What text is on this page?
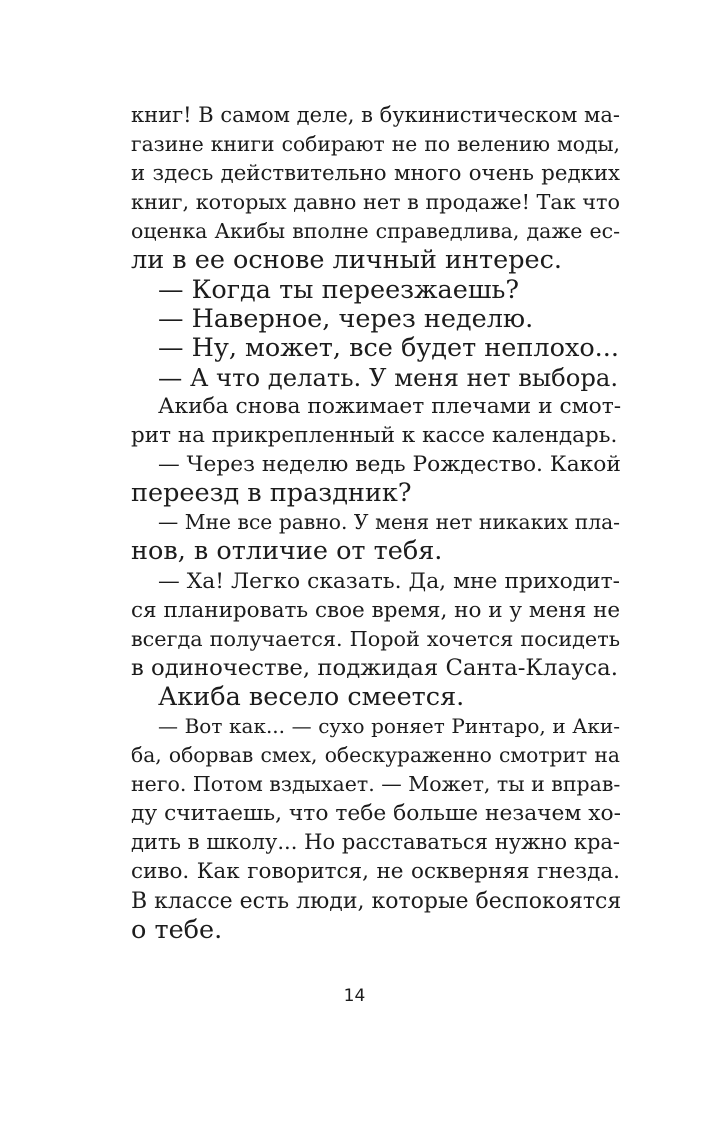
книг! В самом деле, в букинистическом ма-
газине книги собирают не по велению моды,
и здесь действительно много очень редких
книг, которых давно нет в продаже! Так что
оценка Акибы вполне справедлива, даже ес-
ли в ее основе личный интерес.
— Когда ты переезжаешь?
— Наверное, через неделю.
— Ну, может, все будет неплохо...
— А что делать. У меня нет выбора.
Акиба снова пожимает плечами и смот-
рит на прикрепленный к кассе календарь.
— Через неделю ведь Рождество. Какой
переезд в праздник?
— Мне все равно. У меня нет никаких пла-
нов, в отличие от тебя.
— Ха! Легко сказать. Да, мне приходит-
ся планировать свое время, но и у меня не
всегда получается. Порой хочется посидеть
в одиночестве, поджидая Санта-Клауса.
Акиба весело смеется.
— Вот как... — сухо роняет Ринтаро, и Аки-
ба, оборвав смех, обескураженно смотрит на
него. Потом вздыхает. — Может, ты и вправ-
ду считаешь, что тебе больше незачем хо-
дить в школу... Но расставаться нужно кра-
сиво. Как говорится, не оскверняя гнезда.
В классе есть люди, которые беспокоятся
о тебе.
14
